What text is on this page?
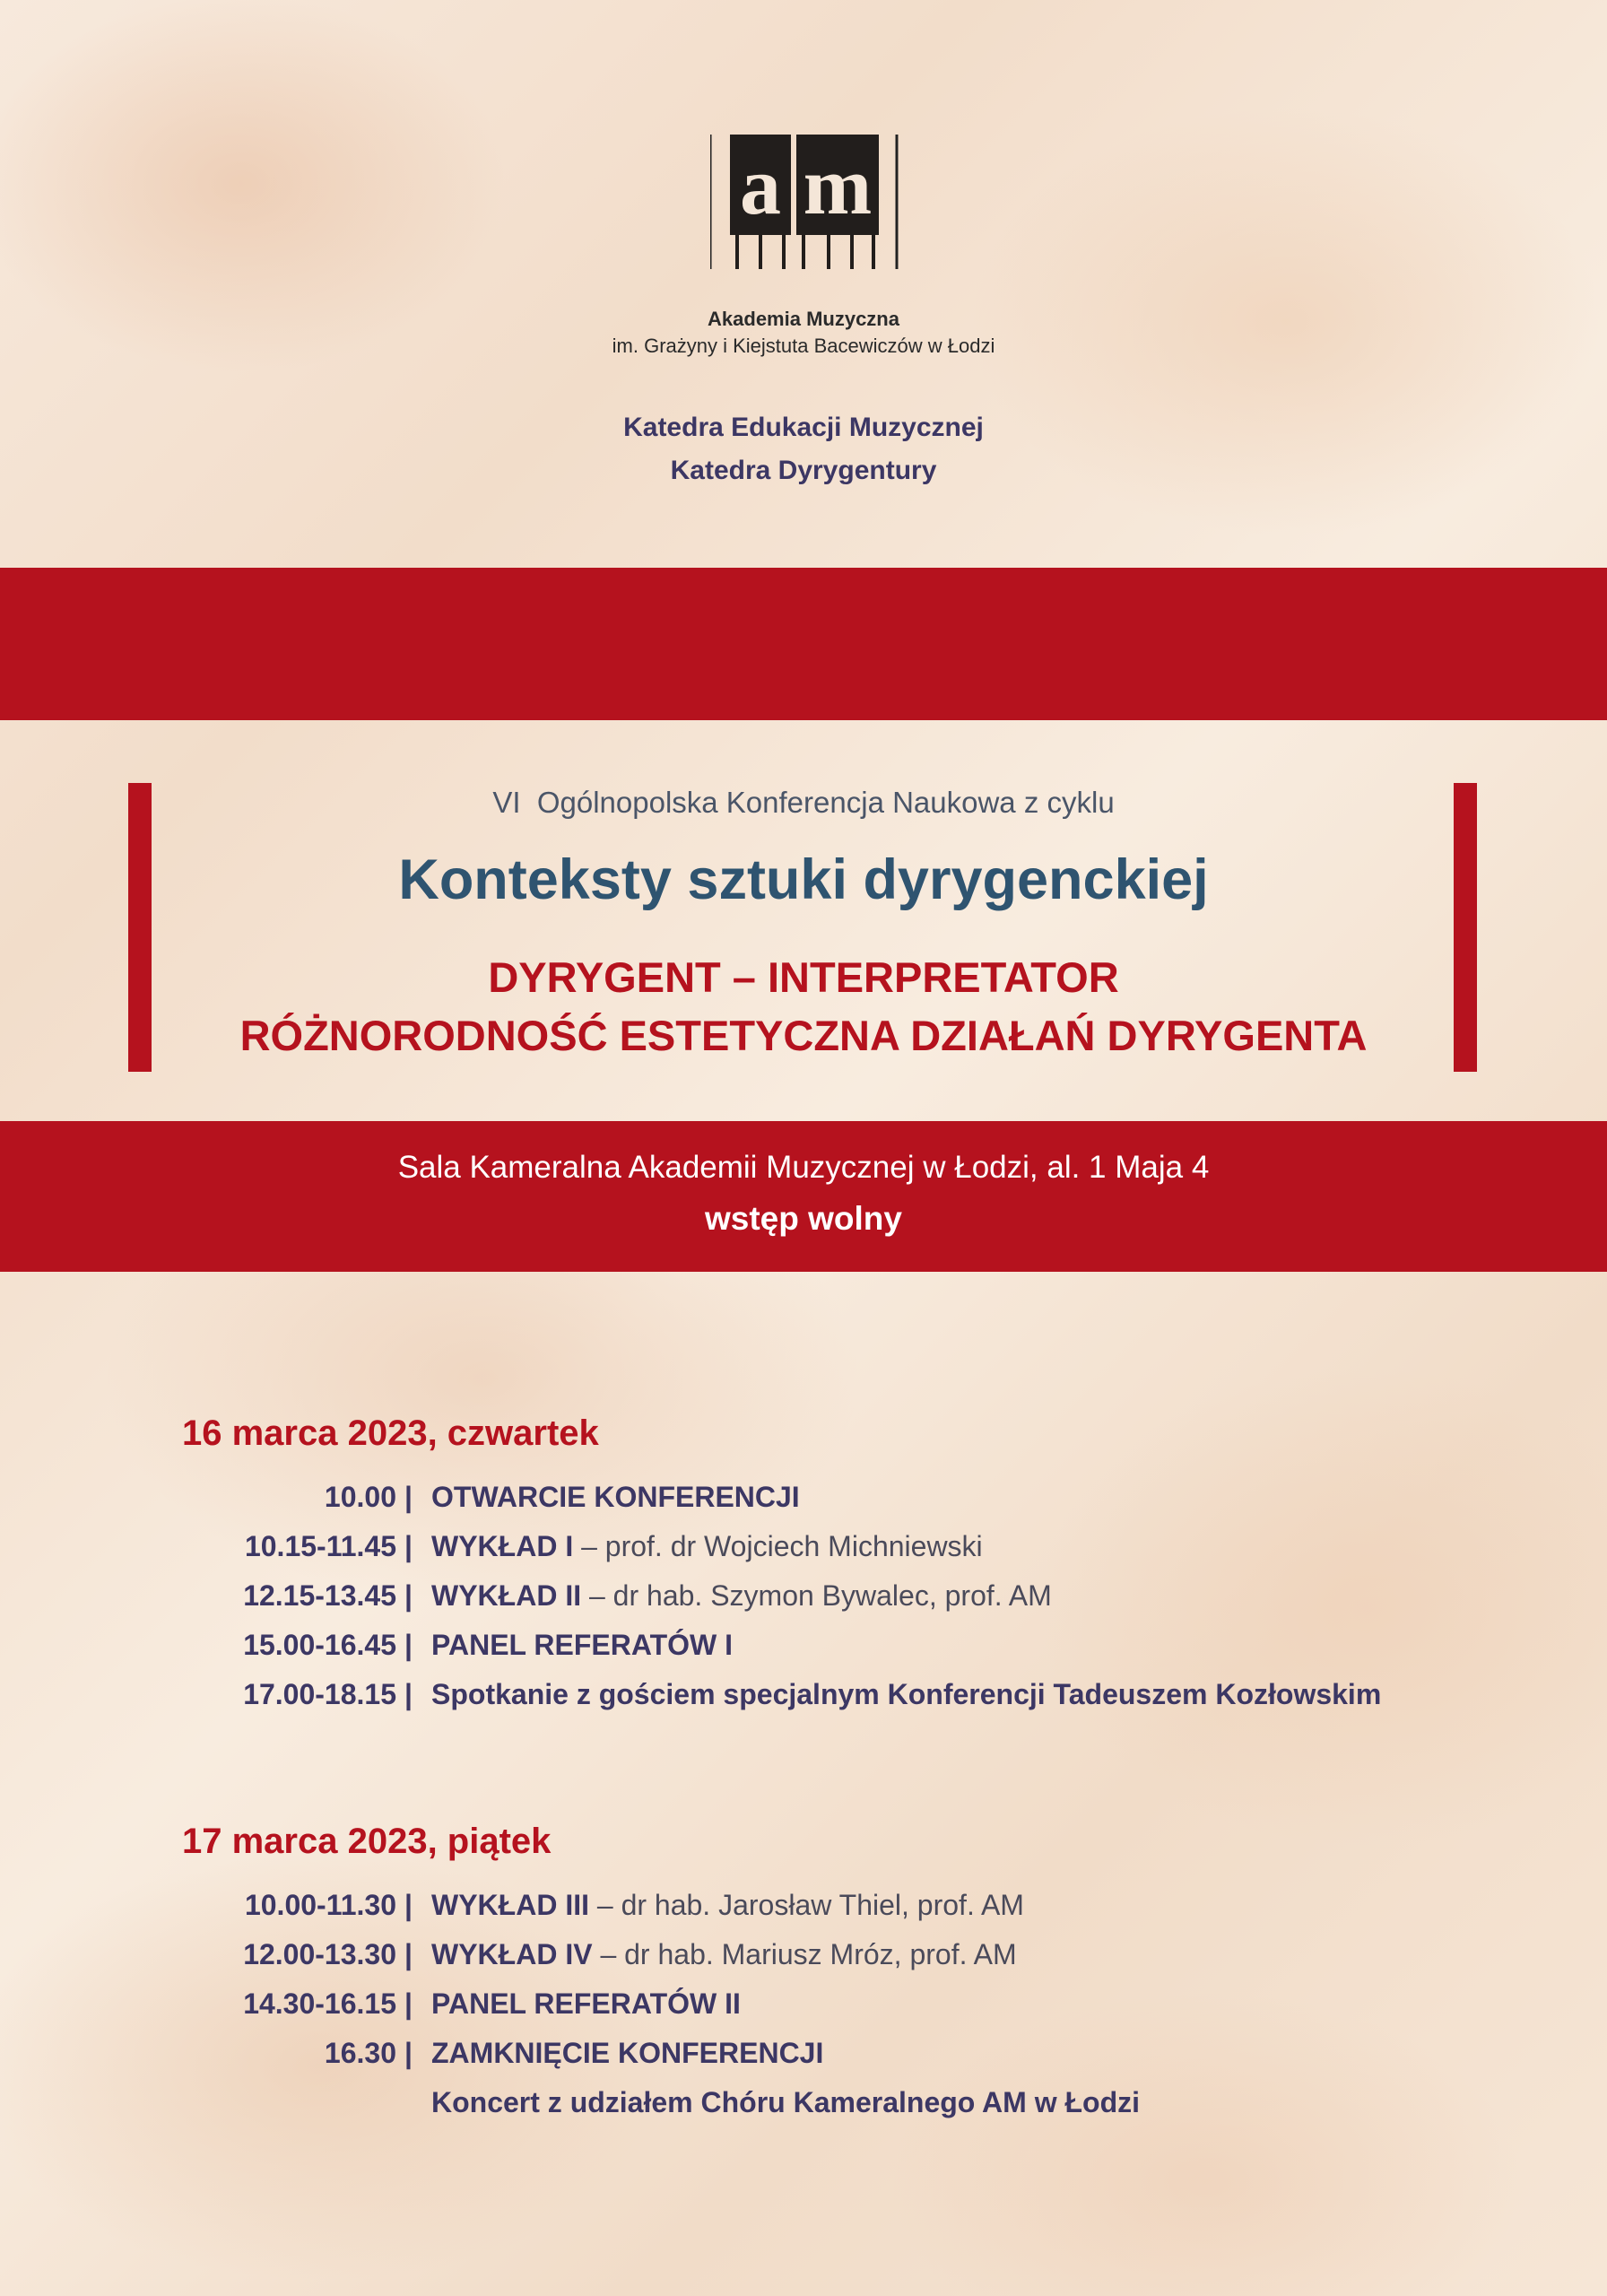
a m
Akademia Muzyczna
im. Grażyny i Kiejstuta Bacewiczów w Łodzi
Katedra Edukacji Muzycznej
Katedra Dyrygentury
VI  Ogólnopolska Konferencja Naukowa z cyklu
Konteksty sztuki dyrygenckiej
DYRYGENT – INTERPRETATOR
RÓŻNORODNOŚĆ ESTETYCZNA DZIAŁAŃ DYRYGENTA
Sala Kameralna Akademii Muzycznej w Łodzi, al. 1 Maja 4
wstęp wolny
16 marca 2023, czwartek
10.00 | OTWARCIE KONFERENCJI
10.15-11.45 | WYKŁAD I – prof. dr Wojciech Michniewski
12.15-13.45 | WYKŁAD II – dr hab. Szymon Bywalec, prof. AM
15.00-16.45 | PANEL REFERATÓW I
17.00-18.15 | Spotkanie z gościem specjalnym Konferencji Tadeuszem Kozłowskim
17 marca 2023, piątek
10.00-11.30 | WYKŁAD III – dr hab. Jarosław Thiel, prof. AM
12.00-13.30 | WYKŁAD IV – dr hab. Mariusz Mróz, prof. AM
14.30-16.15 | PANEL REFERATÓW II
16.30 | ZAMKNIĘCIE KONFERENCJI
Koncert z udziałem Chóru Kameralnego AM w Łodzi
